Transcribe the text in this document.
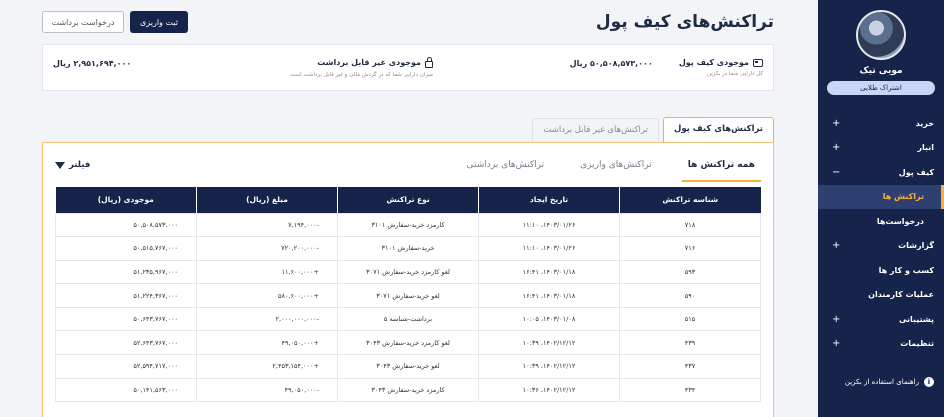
مویی تیک
اشتراک طلایی
خرید
+
انبار
+
کیف پول
−
تراکنش ها
درخواست‌ها
گزارشات
+
کسب و کار ها
عملیات کارمندان
پشتیبانی
+
تنظیمات
+
i
راهنمای استفاده از بکزین
تراکنش‌های کیف پول
ثبت واریزی
درخواست برداشت
موجودی کیف پول
کل دارایی شما در بکزین
۵۰,۵۰۸,۵۷۳,۰۰۰ ریال
موجودی غیر قابل برداشت
میزان دارایی شما که در گردش مالی و غیر قابل برداشت است
۲,۹۵۱,۶۹۴,۰۰۰ ریال
تراکنش‌های کیف پول
تراکنش‌های غیر قابل برداشت
همه تراکنش ها
تراکنش‌های واریزی
تراکنش‌های برداشتی
فیلتر
شناسه تراکنش	تاریخ ایجاد	نوع تراکنش	مبلغ (ریال)	موجودی (ریال)
۷۱۸	۱۴۰۳/۰۱/۲۶، ۱۱:۱۰	کارمزد خرید-سفارش ۳۱۰۱	-۷,۱۹۴,۰۰۰	۵۰,۵۰۸,۵۷۳,۰۰۰
۷۱۶	۱۴۰۳/۰۱/۲۶، ۱۱:۱۰	خرید-سفارش ۳۱۰۱	-۷۲۰,۲۰۰,۰۰۰	۵۰,۵۱۵,۷۶۷,۰۰۰
۵۹۳	۱۴۰۳/۰۱/۱۸، ۱۶:۴۱	لغو کارمزد خرید-سفارش ۳۰۷۱	+۱۱,۶۰۰,۰۰۰	۵۱,۲۳۵,۹۶۷,۰۰۰
۵۹۰	۱۴۰۳/۰۱/۱۸، ۱۶:۴۱	لغو خرید-سفارش ۳۰۷۱	+۵۸۰,۶۰۰,۰۰۰	۵۱,۲۲۴,۳۶۷,۰۰۰
۵۱۵	۱۴۰۳/۰۱/۰۸، ۱۰:۰۵	برداشت-شناسه ۵	-۲,۰۰۰,۰۰۰,۰۰۰	۵۰,۶۴۳,۷۶۷,۰۰۰
۴۳۹	۱۴۰۲/۱۲/۱۲، ۱۰:۳۹	لغو کارمزد خرید-سفارش ۳۰۴۳	+۴۹,۰۵۰,۰۰۰	۵۲,۶۴۳,۷۶۷,۰۰۰
۴۳۷	۱۴۰۲/۱۲/۱۲، ۱۰:۳۹	لغو خرید-سفارش ۳۰۴۳	+۲,۴۵۳,۱۵۴,۰۰۰	۵۲,۵۹۴,۷۱۷,۰۰۰
۴۳۴	۱۴۰۲/۱۲/۱۲، ۱۰:۳۶	کارمزد خرید-سفارش ۳۰۴۳	-۴۹,۰۵۰,۰۰۰	۵۰,۱۴۱,۵۶۳,۰۰۰
